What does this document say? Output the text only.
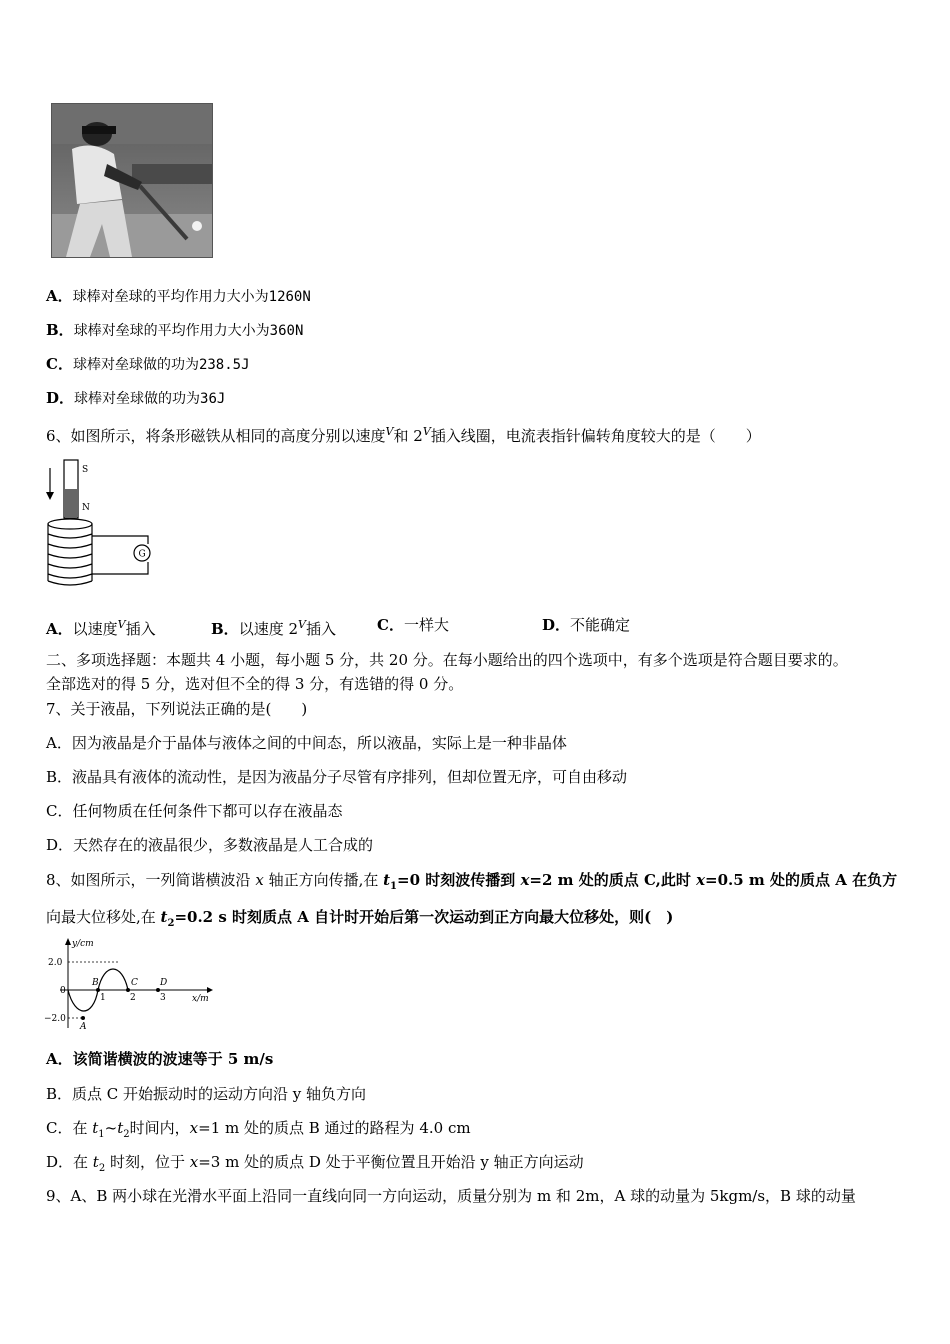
A．球棒对垒球的平均作用力大小为1260N
B．球棒对垒球的平均作用力大小为360N
C．球棒对垒球做的功为238.5J
D．球棒对垒球做的功为36J
6、如图所示，将条形磁铁从相同的高度分别以速度$^V$和 $2^V$插入线圈，电流表指针偏转角度较大的是（　　）
S
N
G
A．以速度$^V$插入	B．以速度 $2^V$插入	C．一样大	D．不能确定
二、多项选择题：本题共 4 小题，每小题 5 分，共 20 分。在每小题给出的四个选项中，有多个选项是符合题目要求的。
全部选对的得 5 分，选对但不全的得 3 分，有选错的得 0 分。
7、关于液晶，下列说法正确的是(　　)
A．因为液晶是介于晶体与液体之间的中间态，所以液晶，实际上是一种非晶体
B．液晶具有液体的流动性，是因为液晶分子尽管有序排列，但却位置无序，可自由移动
C．任何物质在任何条件下都可以存在液晶态
D．天然存在的液晶很少，多数液晶是人工合成的
8、如图所示，一列简谐横波沿 x 轴正方向传播,在 $t_1=0$ 时刻波传播到 x=2 m 处的质点 C,此时 x=0.5 m 处的质点 A 在负方
向最大位移处,在 $t_2=0.2$ s 时刻质点 A 自计时开始后第一次运动到正方向最大位移处，则(　)
y/cm
x/m
2.0
0
−2.0
1	2	3
A
B	C D
A．该简谐横波的波速等于 5 m/s
B．质点 C 开始振动时的运动方向沿 y 轴负方向
C．在 $t_1\sim t_2$时间内，x=1 m 处的质点 B 通过的路程为 4.0 cm
D．在 $t_2$ 时刻，位于 x=3 m 处的质点 D 处于平衡位置且开始沿 y 轴正方向运动
9、A、B 两小球在光滑水平面上沿同一直线向同一方向运动，质量分别为 m 和 2m，A 球的动量为 5kgm/s，B 球的动量
